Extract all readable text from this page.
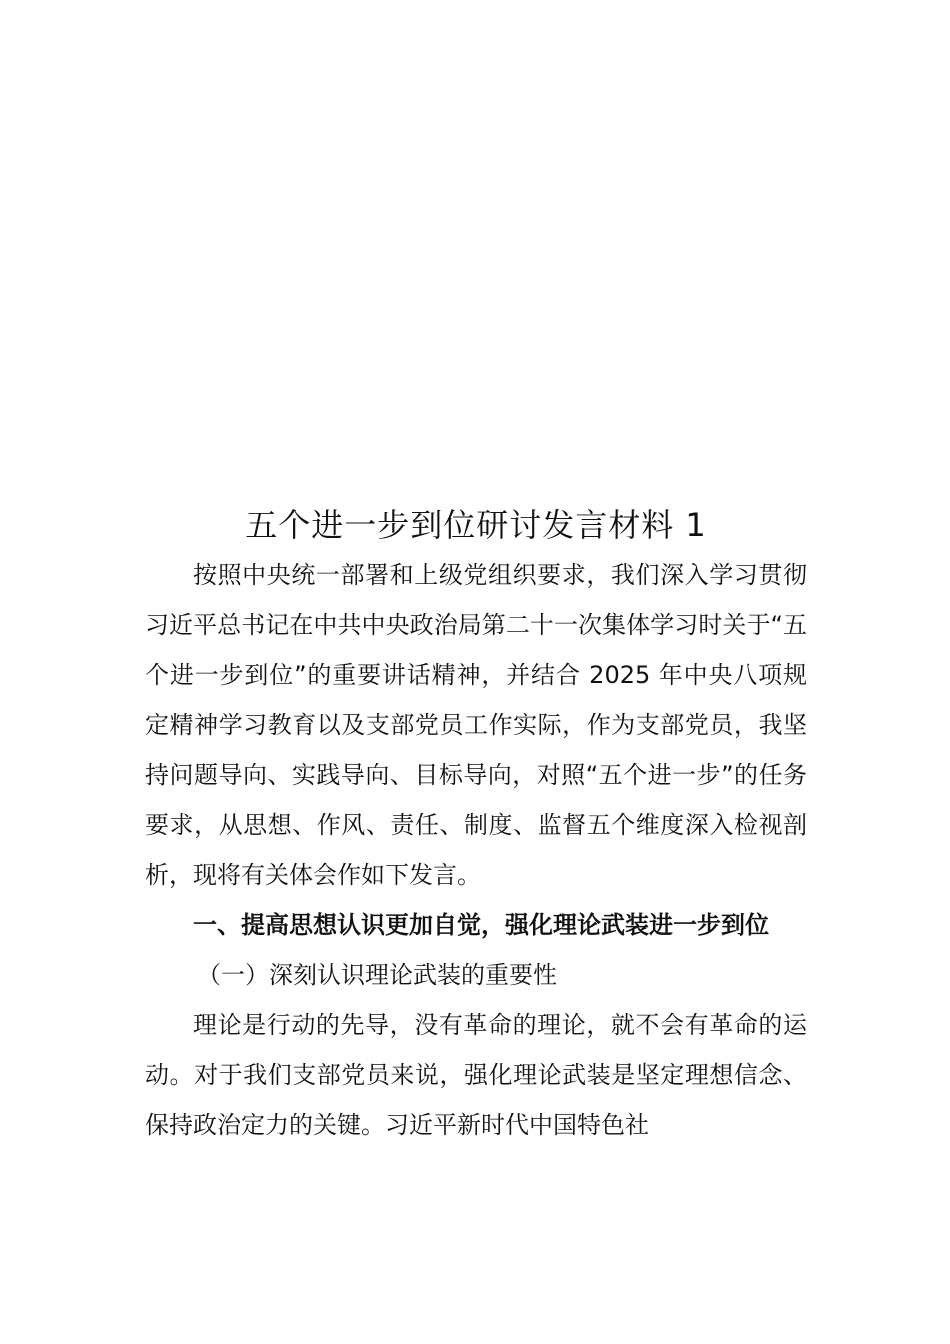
五个进一步到位研讨发言材料 1

按照中央统一部署和上级党组织要求，我们深入学习贯彻习近平总书记在中共中央政治局第二十一次集体学习时关于“五个进一步到位”的重要讲话精神，并结合 2025 年中央八项规定精神学习教育以及支部党员工作实际，作为支部党员，我坚持问题导向、实践导向、目标导向，对照“五个进一步”的任务要求，从思想、作风、责任、制度、监督五个维度深入检视剖析，现将有关体会作如下发言。

一、提高思想认识更加自觉，强化理论武装进一步到位

（一）深刻认识理论武装的重要性

理论是行动的先导，没有革命的理论，就不会有革命的运动。对于我们支部党员来说，强化理论武装是坚定理想信念、保持政治定力的关键。习近平新时代中国特色社
